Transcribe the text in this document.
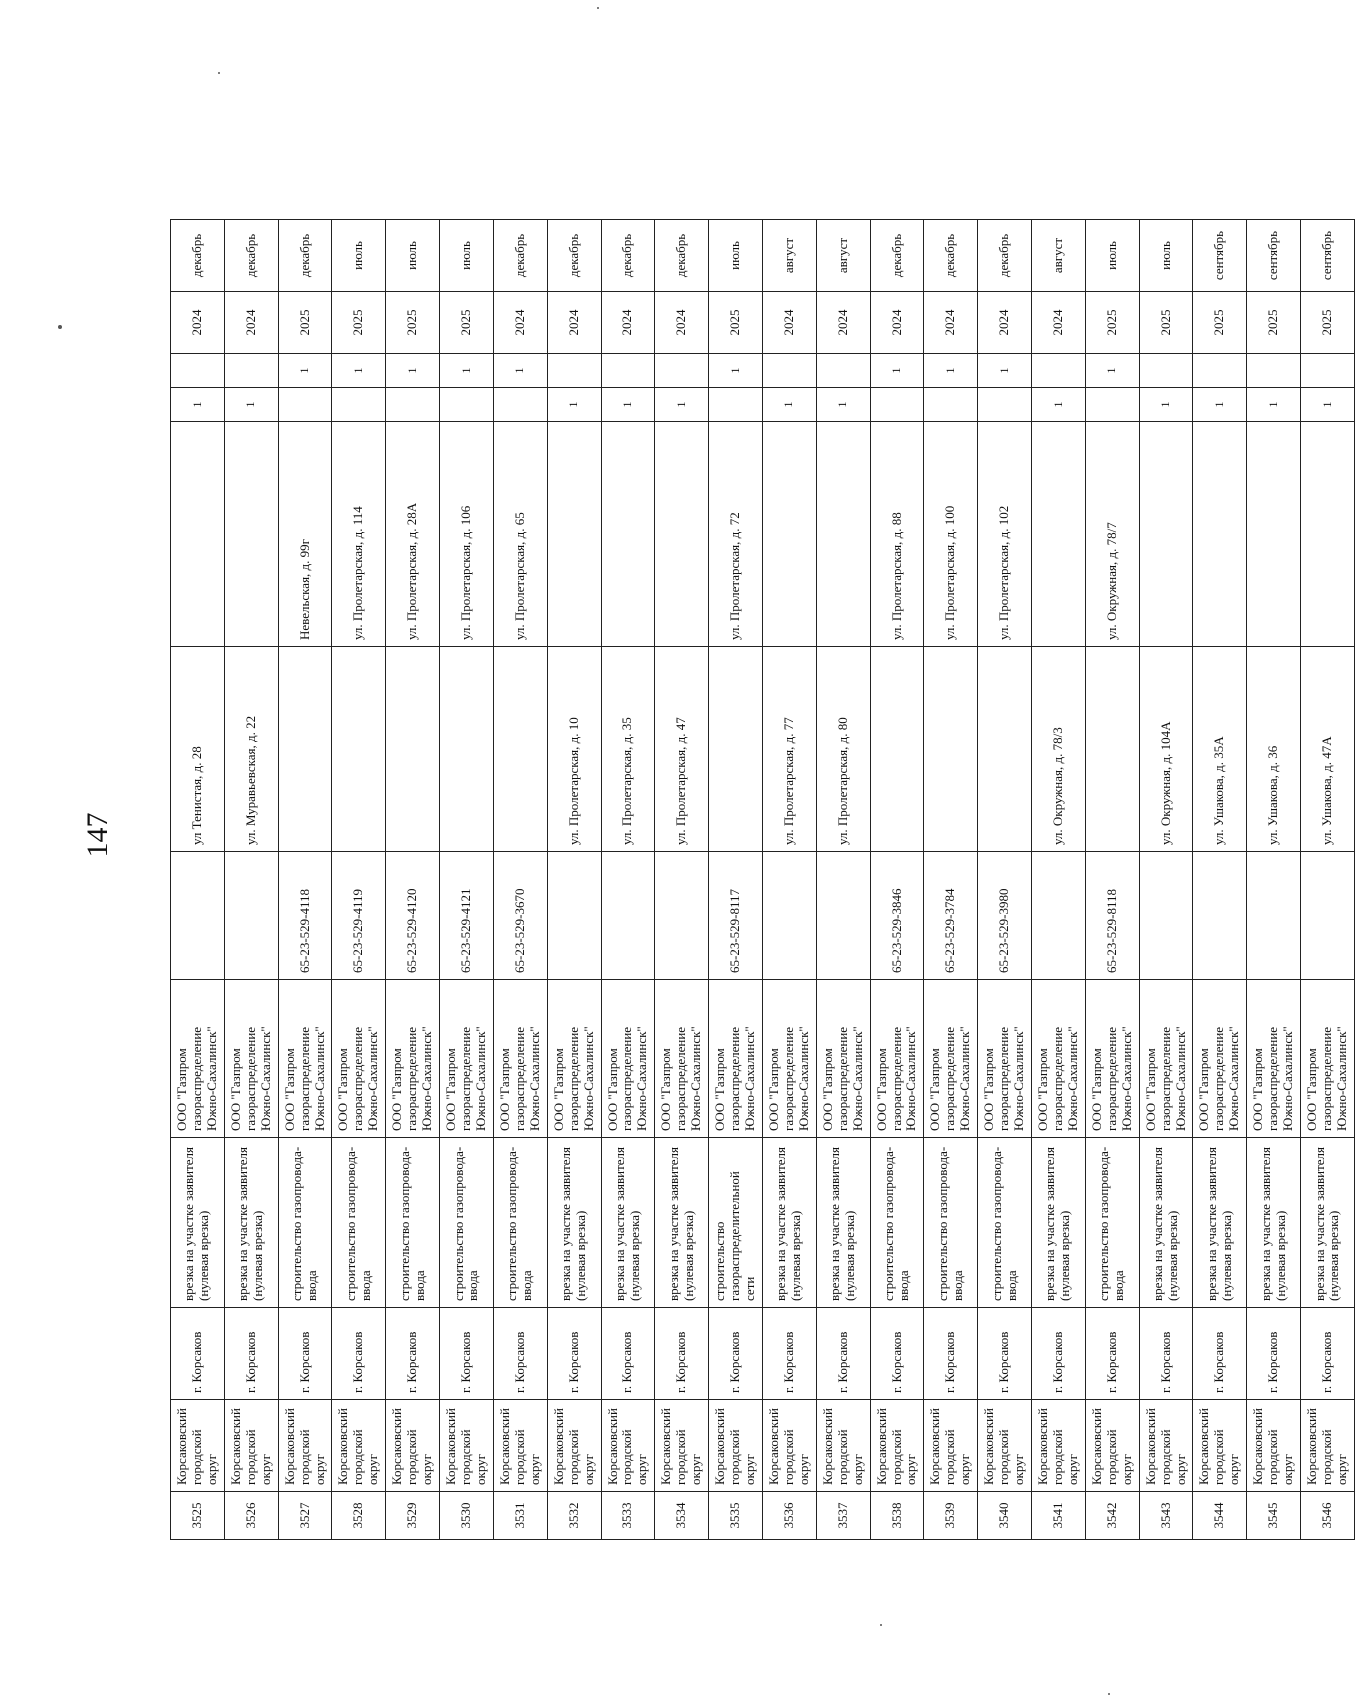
147
3525	Корсаковский городской округ	г. Корсаков	врезка на участке заявителя (нулевая врезка)	ООО "Газпром газораспределение Южно-Сахалинск"		ул Тенистая, д. 28		1		2024	декабрь
3526	Корсаковский городской округ	г. Корсаков	врезка на участке заявителя (нулевая врезка)	ООО "Газпром газораспределение Южно-Сахалинск"		ул. Муравьевская, д. 22		1		2024	декабрь
3527	Корсаковский городской округ	г. Корсаков	строительство газопровода-ввода	ООО "Газпром газораспределение Южно-Сахалинск"	65-23-529-4118		Невельская, д. 99г		1	2025	декабрь
3528	Корсаковский городской округ	г. Корсаков	строительство газопровода-ввода	ООО "Газпром газораспределение Южно-Сахалинск"	65-23-529-4119		ул. Пролетарская, д. 114		1	2025	июль
3529	Корсаковский городской округ	г. Корсаков	строительство газопровода-ввода	ООО "Газпром газораспределение Южно-Сахалинск"	65-23-529-4120		ул. Пролетарская, д. 28А		1	2025	июль
3530	Корсаковский городской округ	г. Корсаков	строительство газопровода-ввода	ООО "Газпром газораспределение Южно-Сахалинск"	65-23-529-4121		ул. Пролетарская, д. 106		1	2025	июль
3531	Корсаковский городской округ	г. Корсаков	строительство газопровода-ввода	ООО "Газпром газораспределение Южно-Сахалинск"	65-23-529-3670		ул. Пролетарская, д. 65		1	2024	декабрь
3532	Корсаковский городской округ	г. Корсаков	врезка на участке заявителя (нулевая врезка)	ООО "Газпром газораспределение Южно-Сахалинск"		ул. Пролетарская, д. 10		1		2024	декабрь
3533	Корсаковский городской округ	г. Корсаков	врезка на участке заявителя (нулевая врезка)	ООО "Газпром газораспределение Южно-Сахалинск"		ул. Пролетарская, д. 35		1		2024	декабрь
3534	Корсаковский городской округ	г. Корсаков	врезка на участке заявителя (нулевая врезка)	ООО "Газпром газораспределение Южно-Сахалинск"		ул. Пролетарская, д. 47		1		2024	декабрь
3535	Корсаковский городской округ	г. Корсаков	строительство газораспределительной сети	ООО "Газпром газораспределение Южно-Сахалинск"	65-23-529-8117		ул. Пролетарская, д. 72		1	2025	июль
3536	Корсаковский городской округ	г. Корсаков	врезка на участке заявителя (нулевая врезка)	ООО "Газпром газораспределение Южно-Сахалинск"		ул. Пролетарская, д. 77		1		2024	август
3537	Корсаковский городской округ	г. Корсаков	врезка на участке заявителя (нулевая врезка)	ООО "Газпром газораспределение Южно-Сахалинск"		ул. Пролетарская, д. 80		1		2024	август
3538	Корсаковский городской округ	г. Корсаков	строительство газопровода-ввода	ООО "Газпром газораспределение Южно-Сахалинск"	65-23-529-3846		ул. Пролетарская, д. 88		1	2024	декабрь
3539	Корсаковский городской округ	г. Корсаков	строительство газопровода-ввода	ООО "Газпром газораспределение Южно-Сахалинск"	65-23-529-3784		ул. Пролетарская, д. 100		1	2024	декабрь
3540	Корсаковский городской округ	г. Корсаков	строительство газопровода-ввода	ООО "Газпром газораспределение Южно-Сахалинск"	65-23-529-3980		ул. Пролетарская, д. 102		1	2024	декабрь
3541	Корсаковский городской округ	г. Корсаков	врезка на участке заявителя (нулевая врезка)	ООО "Газпром газораспределение Южно-Сахалинск"		ул. Окружная, д. 78/3		1		2024	август
3542	Корсаковский городской округ	г. Корсаков	строительство газопровода-ввода	ООО "Газпром газораспределение Южно-Сахалинск"	65-23-529-8118		ул. Окружная, д. 78/7		1	2025	июль
3543	Корсаковский городской округ	г. Корсаков	врезка на участке заявителя (нулевая врезка)	ООО "Газпром газораспределение Южно-Сахалинск"		ул. Окружная, д. 104А		1		2025	июль
3544	Корсаковский городской округ	г. Корсаков	врезка на участке заявителя (нулевая врезка)	ООО "Газпром газораспределение Южно-Сахалинск"		ул. Ушакова, д. 35А		1		2025	сентябрь
3545	Корсаковский городской округ	г. Корсаков	врезка на участке заявителя (нулевая врезка)	ООО "Газпром газораспределение Южно-Сахалинск"		ул. Ушакова, д. 36		1		2025	сентябрь
3546	Корсаковский городской округ	г. Корсаков	врезка на участке заявителя (нулевая врезка)	ООО "Газпром газораспределение Южно-Сахалинск"		ул. Ушакова, д. 47А		1		2025	сентябрь
